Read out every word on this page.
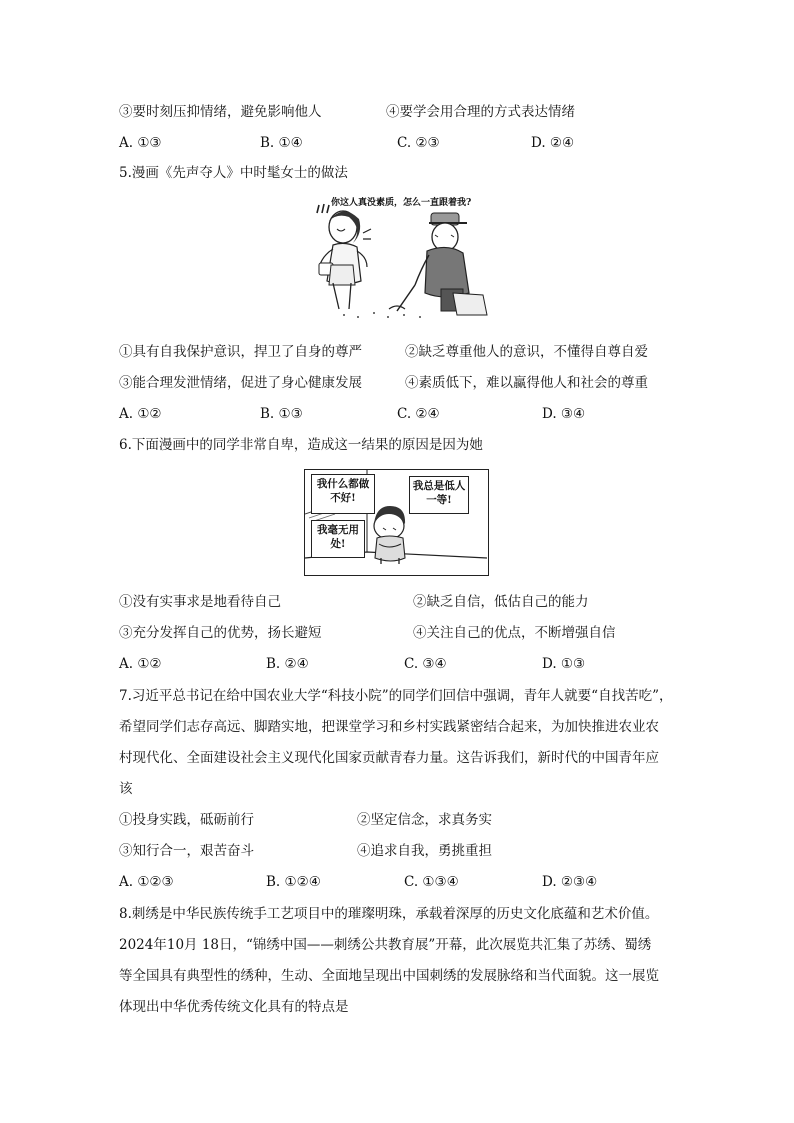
③要时刻压抑情绪，避免影响他人	④要学会用合理的方式表达情绪
A. ①③	B. ①④	C. ②③	D. ②④
5.漫画《先声夺人》中时髦女士的做法
你这人真没素质，怎么一直跟着我?
①具有自我保护意识，捍卫了自身的尊严	②缺乏尊重他人的意识，不懂得自尊自爱
③能合理发泄情绪，促进了身心健康发展	④素质低下，难以赢得他人和社会的尊重
A. ①②	B. ①③	C. ②④	D. ③④
6.下面漫画中的同学非常自卑，造成这一结果的原因是因为她
我什么都做不好!
我总是低人一等!
我毫无用处!
①没有实事求是地看待自己	②缺乏自信，低估自己的能力
③充分发挥自己的优势，扬长避短	④关注自己的优点，不断增强自信
A. ①②	B. ②④	C. ③④	D. ①③
7.习近平总书记在给中国农业大学“科技小院”的同学们回信中强调，青年人就要“自找苦吃”，
希望同学们志存高远、脚踏实地，把课堂学习和乡村实践紧密结合起来，为加快推进农业农
村现代化、全面建设社会主义现代化国家贡献青春力量。这告诉我们，新时代的中国青年应
该
①投身实践，砥砺前行	②坚定信念，求真务实
③知行合一，艰苦奋斗	④追求自我，勇挑重担
A. ①②③	B. ①②④	C. ①③④	D. ②③④
8.刺绣是中华民族传统手工艺项目中的璀璨明珠，承载着深厚的历史文化底蕴和艺术价值。
2024年10月 18日，“锦绣中国——刺绣公共教育展”开幕，此次展览共汇集了苏绣、蜀绣
等全国具有典型性的绣种，生动、全面地呈现出中国刺绣的发展脉络和当代面貌。这一展览
体现出中华优秀传统文化具有的特点是
